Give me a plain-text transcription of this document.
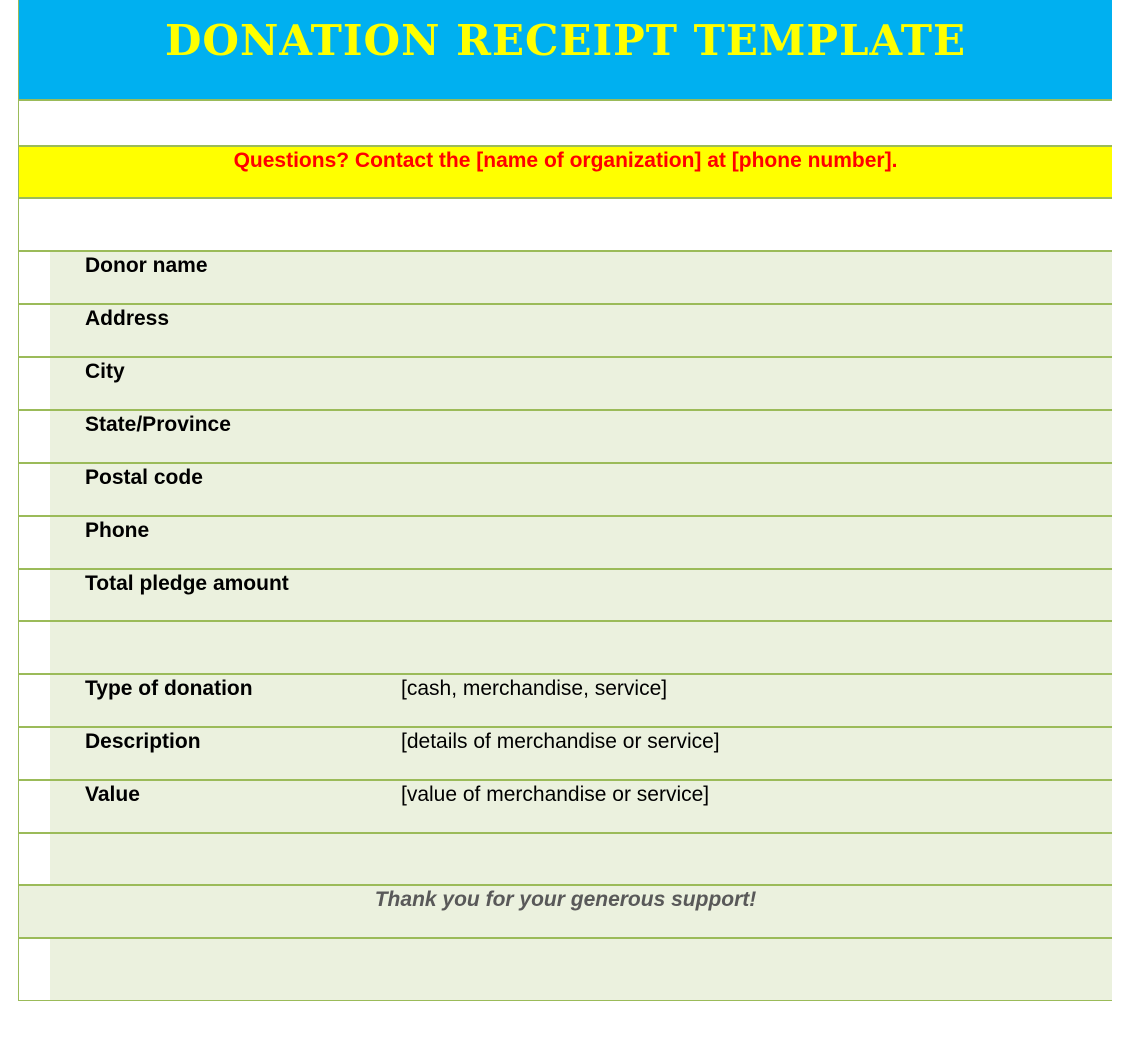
DONATION RECEIPT TEMPLATE
Questions? Contact the [name of organization] at [phone number].
Donor name
Address
City
State/Province
Postal code
Phone
Total pledge amount
Type of donation	[cash, merchandise, service]
Description	[details of merchandise or service]
Value	[value of merchandise or service]
Thank you for your generous support!
